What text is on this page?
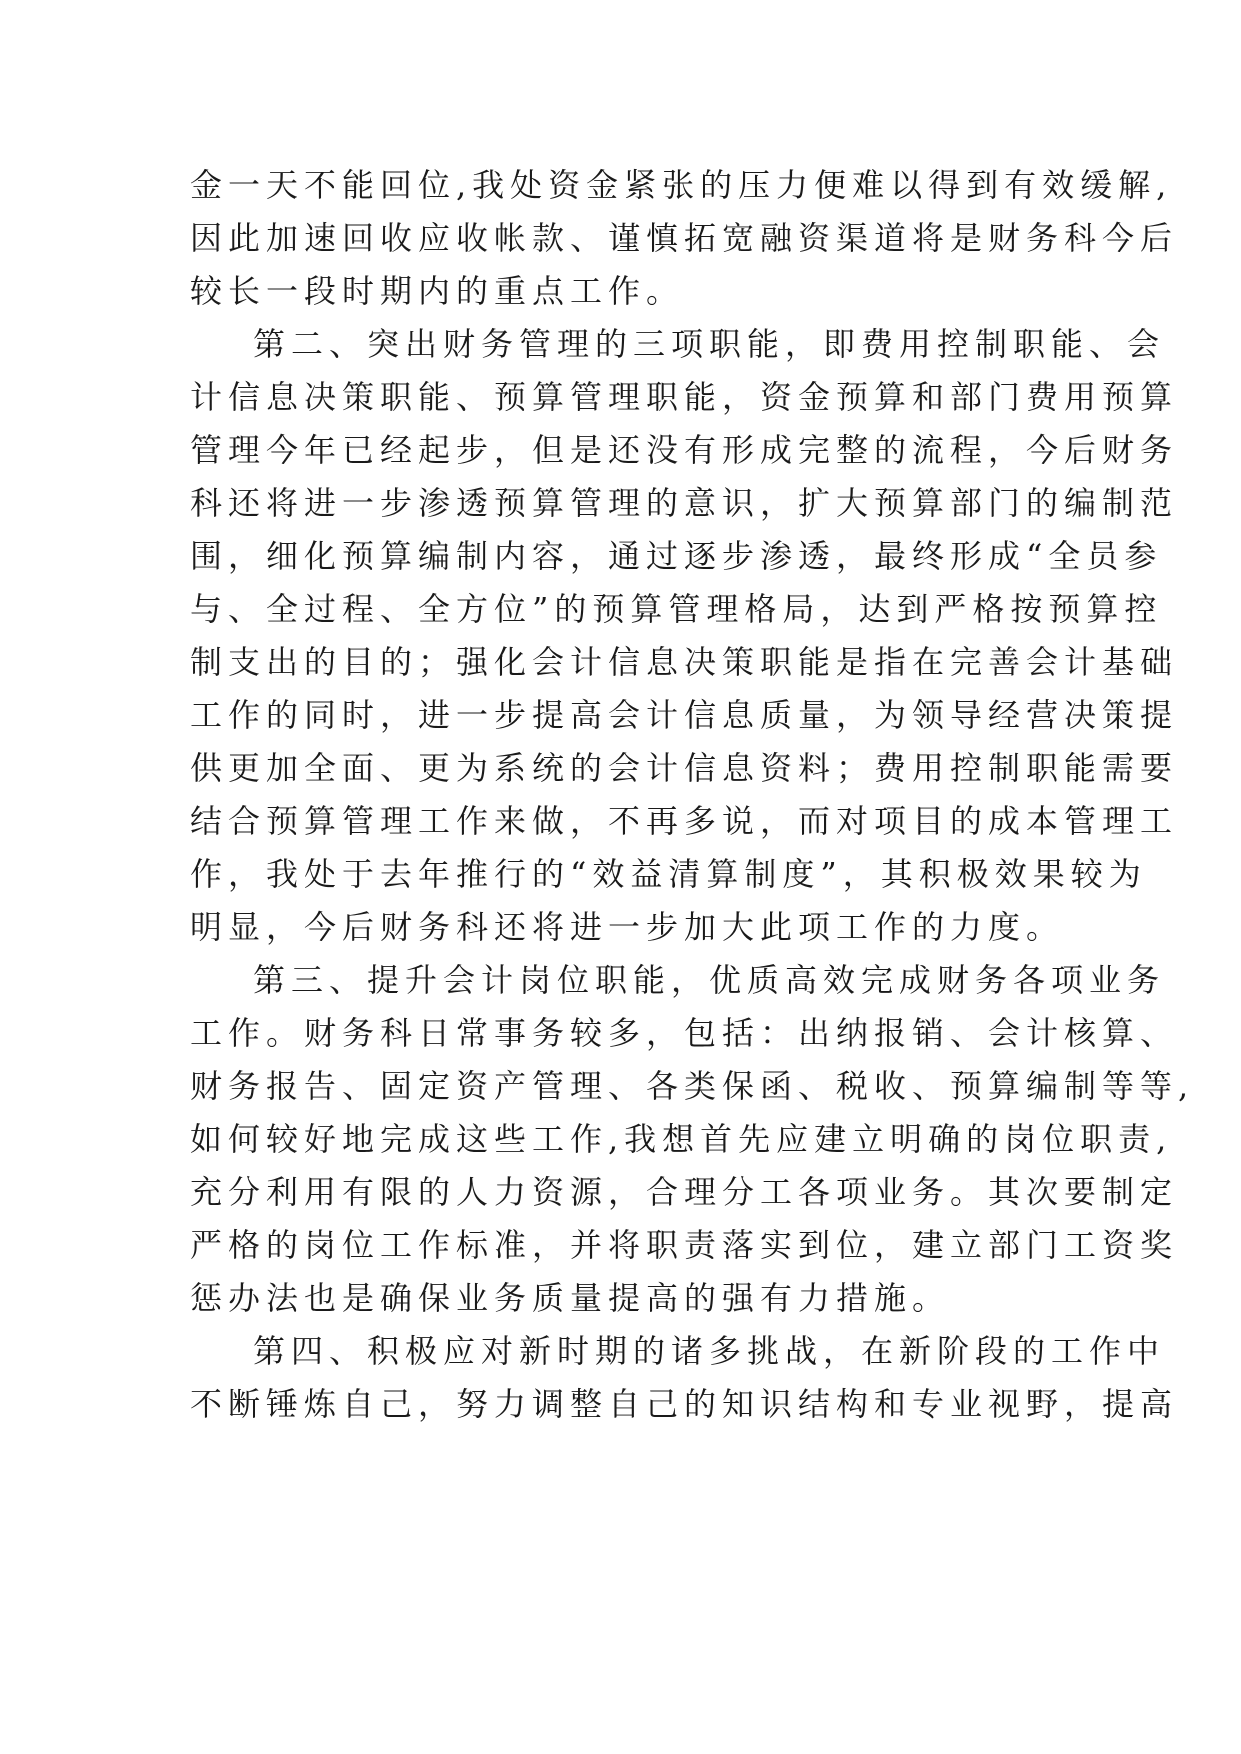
金一天不能回位,我处资金紧张的压力便难以得到有效缓解,
因此加速回收应收帐款、谨慎拓宽融资渠道将是财务科今后
较长一段时期内的重点工作。
第二、突出财务管理的三项职能，即费用控制职能、会
计信息决策职能、预算管理职能，资金预算和部门费用预算
管理今年已经起步，但是还没有形成完整的流程，今后财务
科还将进一步渗透预算管理的意识，扩大预算部门的编制范
围，细化预算编制内容，通过逐步渗透，最终形成“全员参
与、全过程、全方位”的预算管理格局，达到严格按预算控
制支出的目的；强化会计信息决策职能是指在完善会计基础
工作的同时，进一步提高会计信息质量，为领导经营决策提
供更加全面、更为系统的会计信息资料；费用控制职能需要
结合预算管理工作来做，不再多说，而对项目的成本管理工
作，我处于去年推行的“效益清算制度”，其积极效果较为
明显，今后财务科还将进一步加大此项工作的力度。
第三、提升会计岗位职能，优质高效完成财务各项业务
工作。财务科日常事务较多，包括：出纳报销、会计核算、
财务报告、固定资产管理、各类保函、税收、预算编制等等,
如何较好地完成这些工作,我想首先应建立明确的岗位职责,
充分利用有限的人力资源，合理分工各项业务。其次要制定
严格的岗位工作标准，并将职责落实到位，建立部门工资奖
惩办法也是确保业务质量提高的强有力措施。
第四、积极应对新时期的诸多挑战，在新阶段的工作中
不断锤炼自己，努力调整自己的知识结构和专业视野，提高
